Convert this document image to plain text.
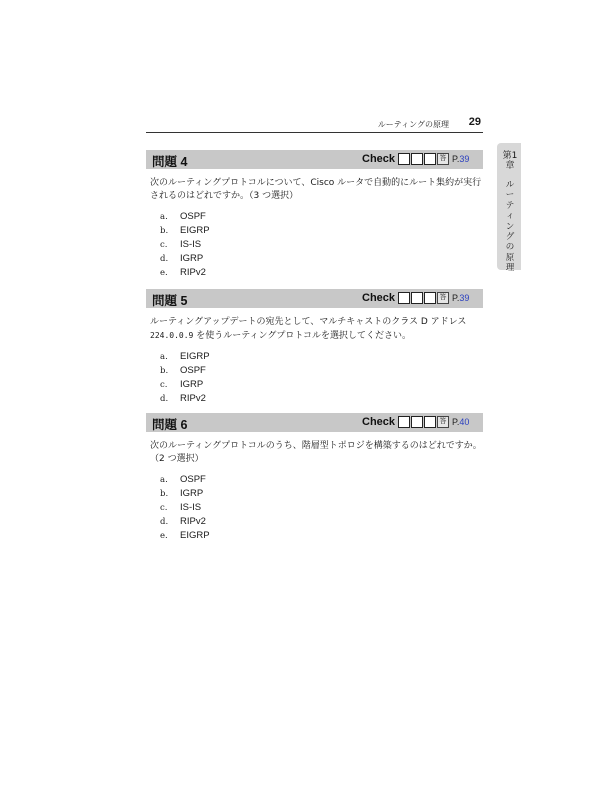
ルーティングの原理 29
第1
章
ルーティングの原理
問題 4	Check	答 P.39
次のルーティングプロトコルについて、Cisco ルータで自動的にルート集約が実行されるのはどれですか。（3 つ選択）
a. OSPF
b. EIGRP
c. IS-IS
d. IGRP
e. RIPv2
問題 5	Check	答 P.39
ルーティングアップデートの宛先として、マルチキャストのクラス D アドレス
224.0.0.9 を使うルーティングプロトコルを選択してください。
a. EIGRP
b. OSPF
c. IGRP
d. RIPv2
問題 6	Check	答 P.40
次のルーティングプロトコルのうち、階層型トポロジを構築するのはどれですか。（2 つ選択）
a. OSPF
b. IGRP
c. IS-IS
d. RIPv2
e. EIGRP
